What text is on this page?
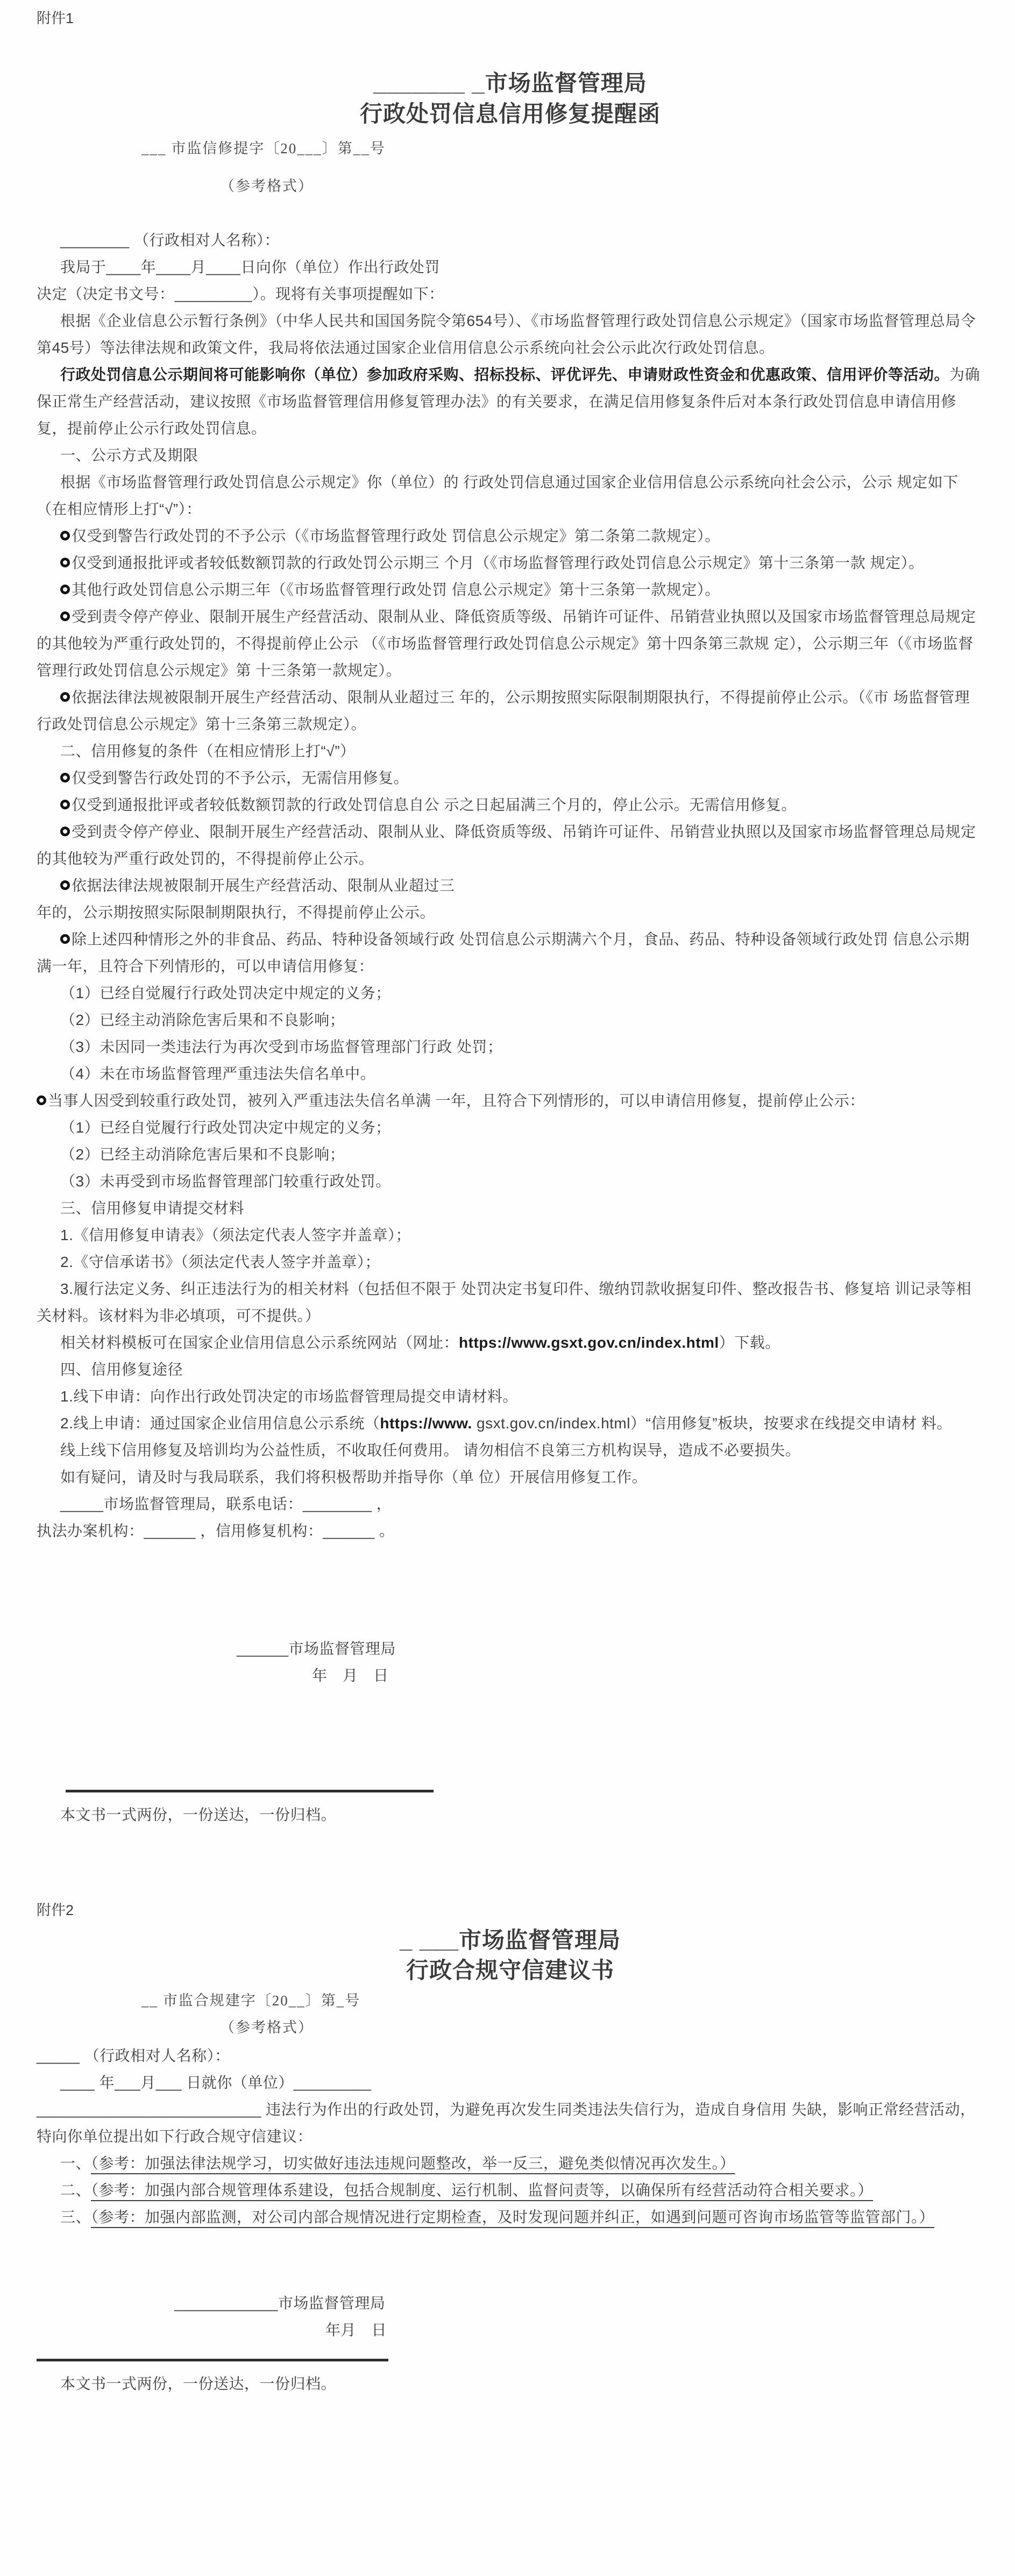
附件1

_______ _市场监督管理局

行政处罚信息信用修复提醒函

___ 市监信修提字〔20___〕第__号
（参考格式）

________ （行政相对人名称）：

我局于____年____月____日向你（单位）作出行政处罚

决定（决定书文号：_________）。现将有关事项提醒如下：

根据《企业信息公示暂行条例》（中华人民共和国国务院令第654号）、《市场监督管理行政处罚信息公示规定》（国家市场监督管理总局令第45号）等法律法规和政策文件，我局将依法通过国家企业信用信息公示系统向社会公示此次行政处罚信息。

行政处罚信息公示期间将可能影响你（单位）参加政府采购、招标投标、评优评先、申请财政性资金和优惠政策、信用评价等活动。为确保正常生产经营活动，建议按照《市场监督管理信用修复管理办法》的有关要求，在满足信用修复条件后对本条行政处罚信息申请信用修复，提前停止公示行政处罚信息。

一、公示方式及期限

根据《市场监督管理行政处罚信息公示规定》你（单位）的 行政处罚信息通过国家企业信用信息公示系统向社会公示，公示 规定如下（在相应情形上打“√”）：

仅受到警告行政处罚的不予公示（《市场监督管理行政处 罚信息公示规定》第二条第二款规定）。

仅受到通报批评或者较低数额罚款的行政处罚公示期三 个月（《市场监督管理行政处罚信息公示规定》第十三条第一款 规定）。

其他行政处罚信息公示期三年（《市场监督管理行政处罚 信息公示规定》第十三条第一款规定）。

受到责令停产停业、限制开展生产经营活动、限制从业、降低资质等级、吊销许可证件、吊销营业执照以及国家市场监督管理总局规定的其他较为严重行政处罚的，不得提前停止公示 （《市场监督管理行政处罚信息公示规定》第十四条第三款规 定），公示期三年（《市场监督管理行政处罚信息公示规定》第 十三条第一款规定）。

依据法律法规被限制开展生产经营活动、限制从业超过三 年的，公示期按照实际限制期限执行，不得提前停止公示。（《市 场监督管理行政处罚信息公示规定》第十三条第三款规定）。

二、信用修复的条件（在相应情形上打“√”）

仅受到警告行政处罚的不予公示，无需信用修复。

仅受到通报批评或者较低数额罚款的行政处罚信息自公 示之日起届满三个月的，停止公示。无需信用修复。

受到责令停产停业、限制开展生产经营活动、限制从业、降低资质等级、吊销许可证件、吊销营业执照以及国家市场监督管理总局规定的其他较为严重行政处罚的，不得提前停止公示。

依据法律法规被限制开展生产经营活动、限制从业超过三
年的，公示期按照实际限制期限执行，不得提前停止公示。

除上述四种情形之外的非食品、药品、特种设备领域行政 处罚信息公示期满六个月，食品、药品、特种设备领域行政处罚 信息公示期满一年，且符合下列情形的，可以申请信用修复：

（1）已经自觉履行行政处罚决定中规定的义务；

（2）已经主动消除危害后果和不良影响；

（3）未因同一类违法行为再次受到市场监督管理部门行政 处罚；

（4）未在市场监督管理严重违法失信名单中。

当事人因受到较重行政处罚，被列入严重违法失信名单满 一年，且符合下列情形的，可以申请信用修复，提前停止公示：

（1）已经自觉履行行政处罚决定中规定的义务；

（2）已经主动消除危害后果和不良影响；

（3）未再受到市场监督管理部门较重行政处罚。

三、信用修复申请提交材料

1.《信用修复申请表》（须法定代表人签字并盖章）；

2.《守信承诺书》（须法定代表人签字并盖章）；

3.履行法定义务、纠正违法行为的相关材料（包括但不限于 处罚决定书复印件、缴纳罚款收据复印件、整改报告书、修复培 训记录等相关材料。该材料为非必填项，可不提供。）

相关材料模板可在国家企业信用信息公示系统网站（网址：https://www.gsxt.gov.cn/index.html）下载。

四、信用修复途径

1.线下申请：向作出行政处罚决定的市场监督管理局提交申请材料。

2.线上申请：通过国家企业信用信息公示系统（https://www. gsxt.gov.cn/index.html）“信用修复”板块，按要求在线提交申请材 料。

线上线下信用修复及培训均为公益性质，不收取任何费用。 请勿相信不良第三方机构误导，造成不必要损失。

如有疑问，请及时与我局联系，我们将积极帮助并指导你（单 位）开展信用修复工作。

_____市场监督管理局，联系电话：________ ，

执法办案机构：______ ，信用修复机构：______ 。

______市场监督管理局

年　月　日

本文书一式两份，一份送达，一份归档。

附件2

_ ___市场监督管理局

行政合规守信建议书

__ 市监合规建字〔20__〕第_号
（参考格式）

_____ （行政相对人名称）：

____ 年___月___ 日就你（单位）_________

__________________________ 违法行为作出的行政处罚，为避免再次发生同类违法失信行为，造成自身信用 失缺，影响正常经营活动，特向你单位提出如下行政合规守信建议：

一、（参考：加强法律法规学习，切实做好违法违规问题整改，举一反三，避免类似情况再次发生。）

二、（参考：加强内部合规管理体系建设，包括合规制度、运行机制、监督问责等，以确保所有经营活动符合相关要求。）

三、（参考：加强内部监测，对公司内部合规情况进行定期检查，及时发现问题并纠正，如遇到问题可咨询市场监管等监管部门。）

____________市场监督管理局

年月　日

本文书一式两份，一份送达，一份归档。
